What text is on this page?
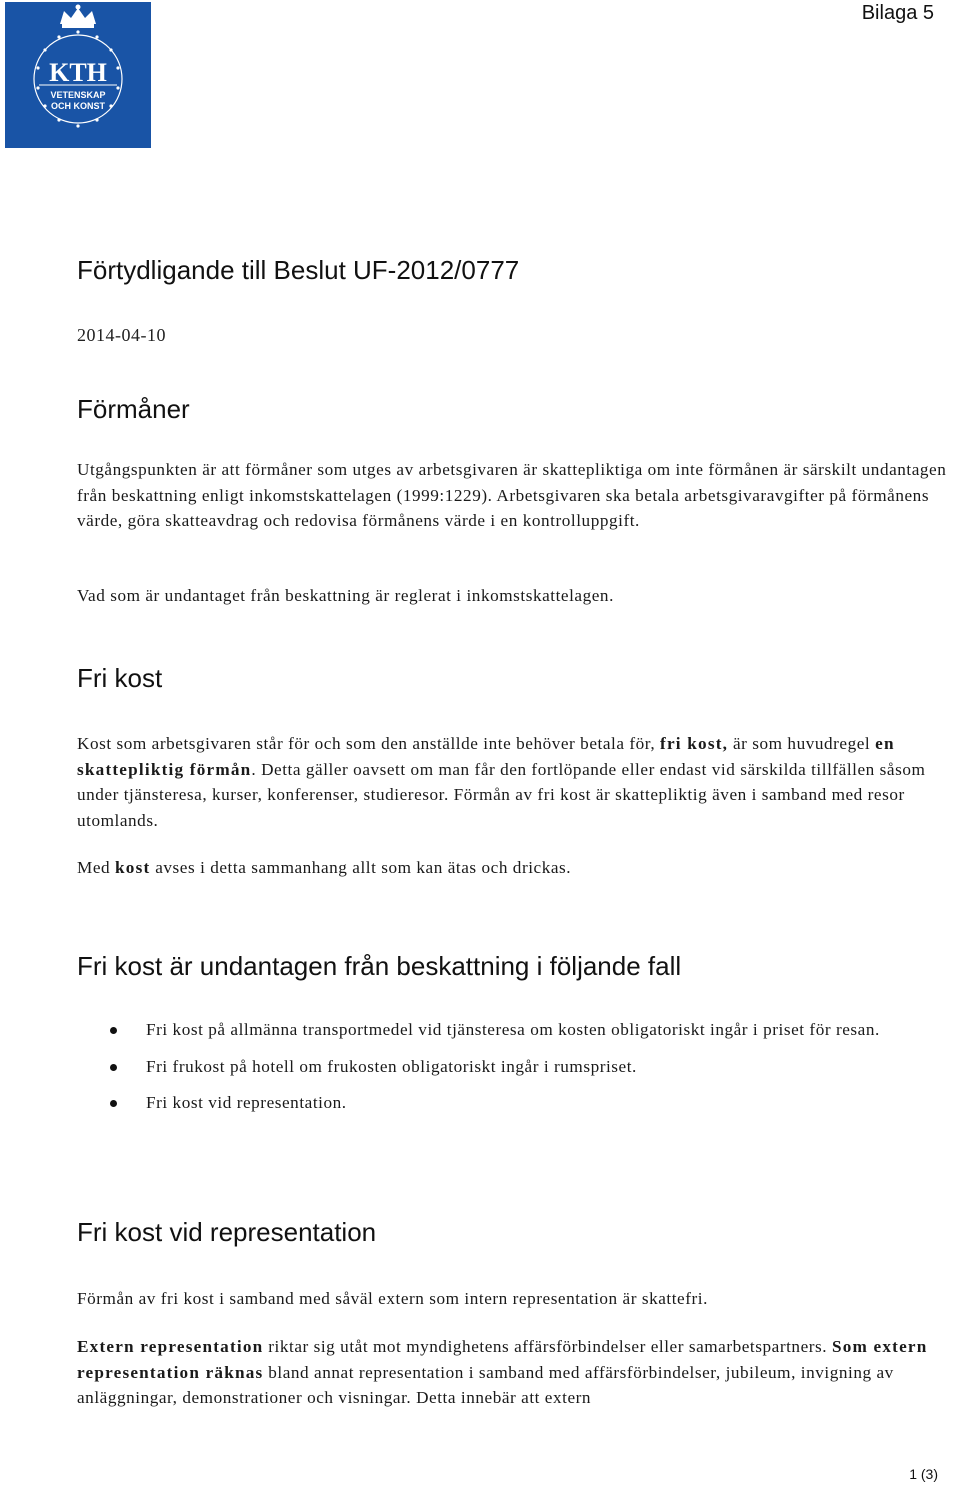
KTH
VETENSKAP
OCH KONST
Bilaga 5
Förtydligande till Beslut UF-2012/0777
2014-04-10
Förmåner
Utgångspunkten är att förmåner som utges av arbetsgivaren är skattepliktiga om inte förmånen är särskilt undantagen från beskattning enligt inkomstskattelagen (1999:1229). Arbetsgivaren ska betala arbetsgivaravgifter på förmånens värde, göra skatteavdrag och redovisa förmånens värde i en kontrolluppgift.
Vad som är undantaget från beskattning är reglerat i inkomstskattelagen.
Fri kost
Kost som arbetsgivaren står för och som den anställde inte behöver betala för, fri kost, är som huvudregel en skattepliktig förmån. Detta gäller oavsett om man får den fortlöpande eller endast vid särskilda tillfällen såsom under tjänsteresa, kurser, konferenser, studieresor. Förmån av fri kost är skattepliktig även i samband med resor utomlands.
Med kost avses i detta sammanhang allt som kan ätas och drickas.
Fri kost är undantagen från beskattning i följande fall
Fri kost på allmänna transportmedel vid tjänsteresa om kosten obligatoriskt ingår i priset för resan.
Fri frukost på hotell om frukosten obligatoriskt ingår i rumspriset.
Fri kost vid representation.
Fri kost vid representation
Förmån av fri kost i samband med såväl extern som intern representation är skattefri.
Extern representation riktar sig utåt mot myndighetens affärsförbindelser eller samarbetspartners. Som extern representation räknas bland annat representation i samband med affärsförbindelser, jubileum, invigning av anläggningar, demonstrationer och visningar. Detta innebär att extern
1 (3)
